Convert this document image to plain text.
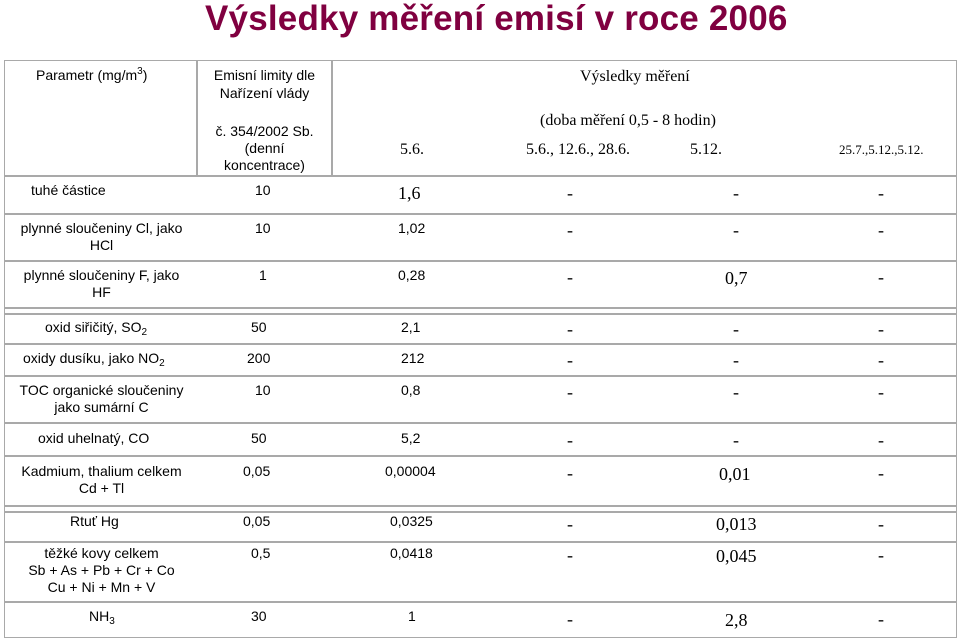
Výsledky měření emisí v roce 2006
Parametr $(mg/m^3)$	Emisní limity dle
Nařízení vlády
č. 354/2002 Sb.
(denní
koncentrace)
Výsledky měření
(doba měření 0,5 - 8 hodin)
5.6.	5.6., 12.6., 28.6.	5.12.	25.7.,5.12.,5.12.
tuhé částice	10	1,6	-	-	-
plynné sloučeniny Cl, jako
HCl
10	1,02	-	-	-
plynné sloučeniny F, jako
HF
1	0,28	-	0,7	-
oxid siřičitý, $SO_2$	50	2,1	-	-	-
oxidy dusíku, jako $NO_2$	200	212	-	-	-
TOC organické sloučeniny
jako sumární C
10	0,8	-	-	-
oxid uhelnatý, CO	50	5,2	-	-	-
Kadmium, thalium celkem
Cd + Tl
0,05	0,00004	-	0,01	-
Rtuť Hg	0,05	0,0325	-	0,013	-
těžké kovy celkem
Sb + As + Pb + Cr + Co
Cu + Ni + Mn + V
0,5	0,0418	-	0,045	-
$NH_3$	30	1	-	2,8	-
